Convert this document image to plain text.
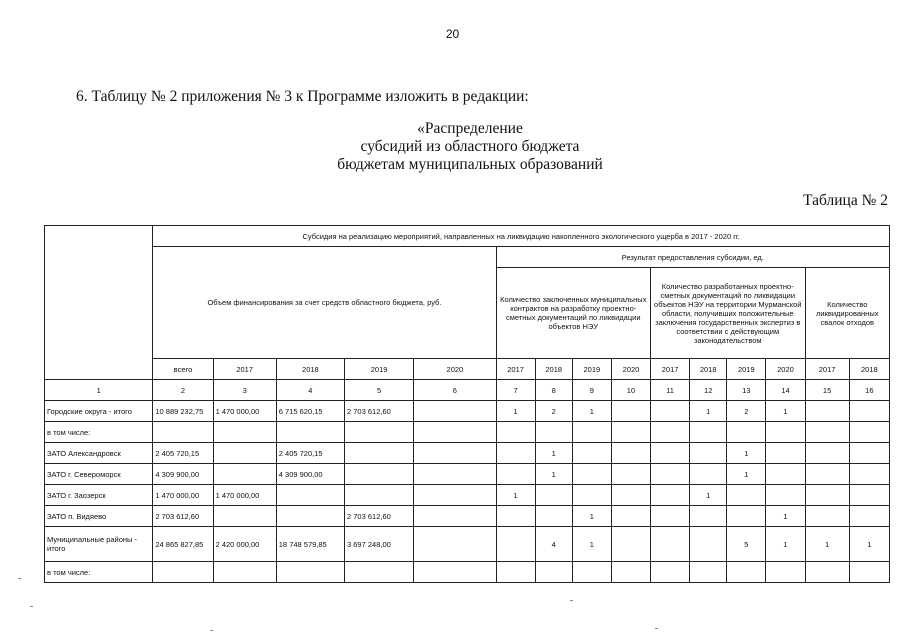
20
6. Таблицу № 2 приложения № 3 к Программе изложить в редакции:
«Распределение
субсидий из областного бюджета
бюджетам муниципальных образований
Таблица № 2
	Субсидия на реализацию мероприятий, направленных на ликвидацию накопленного экологического ущерба в 2017 - 2020 гг.														
	Объем финансирования за счет средств областного бюджета, руб.					Результат предоставления субсидии, ед.									
						Количество заключенных муниципальных контрактов на разработку проектно-сметных документаций по ликвидации объектов НЭУ				Количество разработанных проектно-сметных документаций по ликвидации объектов НЭУ на территории Мурманской области, получивших положительные заключения государственных экспертиз в соответствии с действующим законодательством				Количество ликвидированных свалок отходов	
	всего	2017	2018	2019	2020	2017	2018	2019	2020	2017	2018	2019	2020	2017	2018
1	2	3	4	5	6	7	8	9	10	11	12	13	14	15	16
Городские округа - итого	10 889 232,75	1 470 000,00	6 715 620,15	2 703 612,60		1	2	1			1	2	1		
в том числе:															
ЗАТО Александровск	2 405 720,15		2 405 720,15				1					1			
ЗАТО г. Североморск	4 309 900,00		4 309 900,00				1					1			
ЗАТО г. Заозерск	1 470 000,00	1 470 000,00				1					1				
ЗАТО п. Видяево	2 703 612,60			2 703 612,60				1					1		
Муниципальные районы - итого	24 865 827,85	2 420 000,00	18 748 579,85	3 697 248,00			4	1				5	1	1	1
в том числе:															
